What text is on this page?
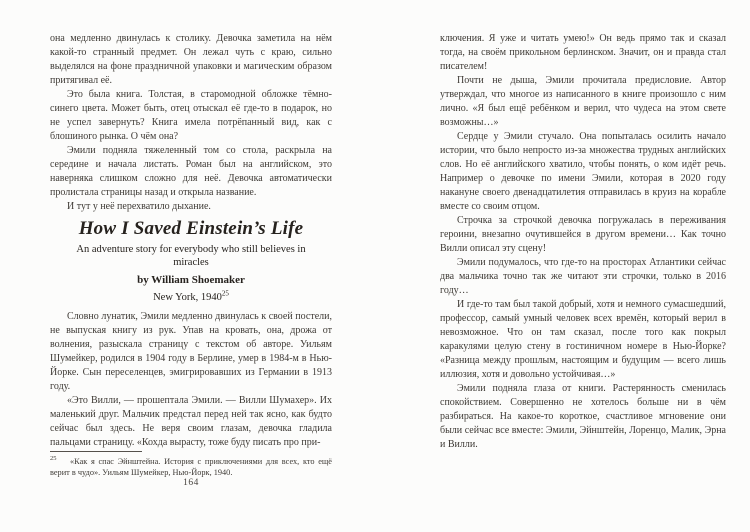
она медленно двинулась к столику. Девочка заметила на нём какой-то странный предмет. Он лежал чуть с краю, сильно выделялся на фоне праздничной упаковки и магическим образом притягивал её.

Это была книга. Толстая, в старомодной обложке тёмно-синего цвета. Может быть, отец отыскал её где-то в подарок, но не успел завернуть? Книга имела потрёпанный вид, как с блошиного рынка. О чём она?

Эмили подняла тяжеленный том со стола, раскрыла на середине и начала листать. Роман был на английском, это наверняка слишком сложно для неё. Девочка автоматически пролистала страницы назад и открыла название.

И тут у неё перехватило дыхание.

How I Saved Einstein’s Life
An adventure story for everybody who still believes in miracles
by William Shoemaker
New York, 1940$^{25}$

Словно лунатик, Эмили медленно двинулась к своей постели, не выпуская книгу из рук. Упав на кровать, она, дрожа от волнения, разыскала страницу с текстом об авторе. Уильям Шумейкер, родился в 1904 году в Берлине, умер в 1984-м в Нью-Йорке. Сын переселенцев, эмигрировавших из Германии в 1913 году.

«Это Вилли, — прошептала Эмили. — Вилли Шумахер». Их маленький друг. Мальчик предстал перед ней так ясно, как будто сейчас был здесь. Не веря своим глазам, девочка гладила пальцами страницу. «Кохда вырасту, тоже буду писать про при-

$^{25}$ «Как я спас Эйнштейна. История с приключениями для всех, кто ещё верит в чудо». Уильям Шумейкер, Нью-Йорк, 1940.
164

ключения. Я уже и читать умею!» Он ведь прямо так и сказал тогда, на своём прикольном берлинском. Значит, он и правда стал писателем!

Почти не дыша, Эмили прочитала предисловие. Автор утверждал, что многое из написанного в книге произошло с ним лично. «Я был ещё ребёнком и верил, что чудеса на этом свете возможны…»

Сердце у Эмили стучало. Она попыталась осилить начало истории, что было непросто из-за множества трудных английских слов. Но её английского хватило, чтобы понять, о ком идёт речь. Например о девочке по имени Эмили, которая в 2020 году накануне своего двенадцатилетия отправилась в круиз на корабле вместе со своим отцом.

Строчка за строчкой девочка погружалась в переживания героини, внезапно очутившейся в другом времени… Как точно Вилли описал эту сцену!

Эмили подумалось, что где-то на просторах Атлантики сейчас два мальчика точно так же читают эти строчки, только в 2016 году…

И где-то там был такой добрый, хотя и немного сумасшедший, профессор, самый умный человек всех времён, который верил в невозможное. Что он там сказал, после того как покрыл каракулями целую стену в гостиничном номере в Нью-Йорке? «Разница между прошлым, настоящим и будущим — всего лишь иллюзия, хотя и довольно устойчивая…»

Эмили подняла глаза от книги. Растерянность сменилась спокойствием. Совершенно не хотелось больше ни в чём разбираться. На какое-то короткое, счастливое мгновение они были сейчас все вместе: Эмили, Эйнштейн, Лоренцо, Малик, Эрна и Вилли.
